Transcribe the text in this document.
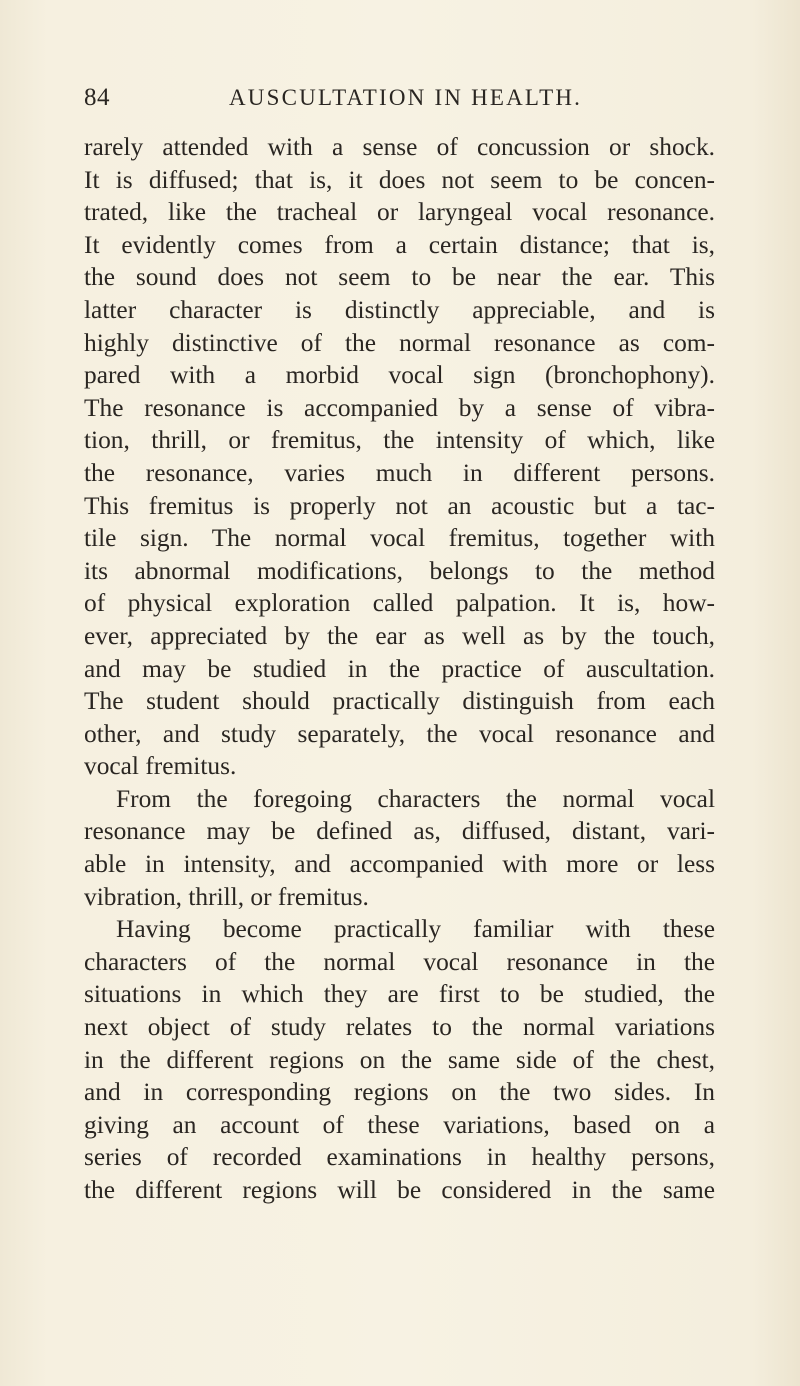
84	AUSCULTATION IN HEALTH.
rarely attended with a sense of concussion or shock.
It is diffused; that is, it does not seem to be concen-
trated, like the tracheal or laryngeal vocal resonance.
It evidently comes from a certain distance; that is,
the sound does not seem to be near the ear. This
latter character is distinctly appreciable, and is
highly distinctive of the normal resonance as com-
pared with a morbid vocal sign (bronchophony).
The resonance is accompanied by a sense of vibra-
tion, thrill, or fremitus, the intensity of which, like
the resonance, varies much in different persons.
This fremitus is properly not an acoustic but a tac-
tile sign. The normal vocal fremitus, together with
its abnormal modifications, belongs to the method
of physical exploration called palpation. It is, how-
ever, appreciated by the ear as well as by the touch,
and may be studied in the practice of auscultation.
The student should practically distinguish from each
other, and study separately, the vocal resonance and
vocal fremitus.
From the foregoing characters the normal vocal
resonance may be defined as, diffused, distant, vari-
able in intensity, and accompanied with more or less
vibration, thrill, or fremitus.
Having become practically familiar with these
characters of the normal vocal resonance in the
situations in which they are first to be studied, the
next object of study relates to the normal variations
in the different regions on the same side of the chest,
and in corresponding regions on the two sides. In
giving an account of these variations, based on a
series of recorded examinations in healthy persons,
the different regions will be considered in the same
